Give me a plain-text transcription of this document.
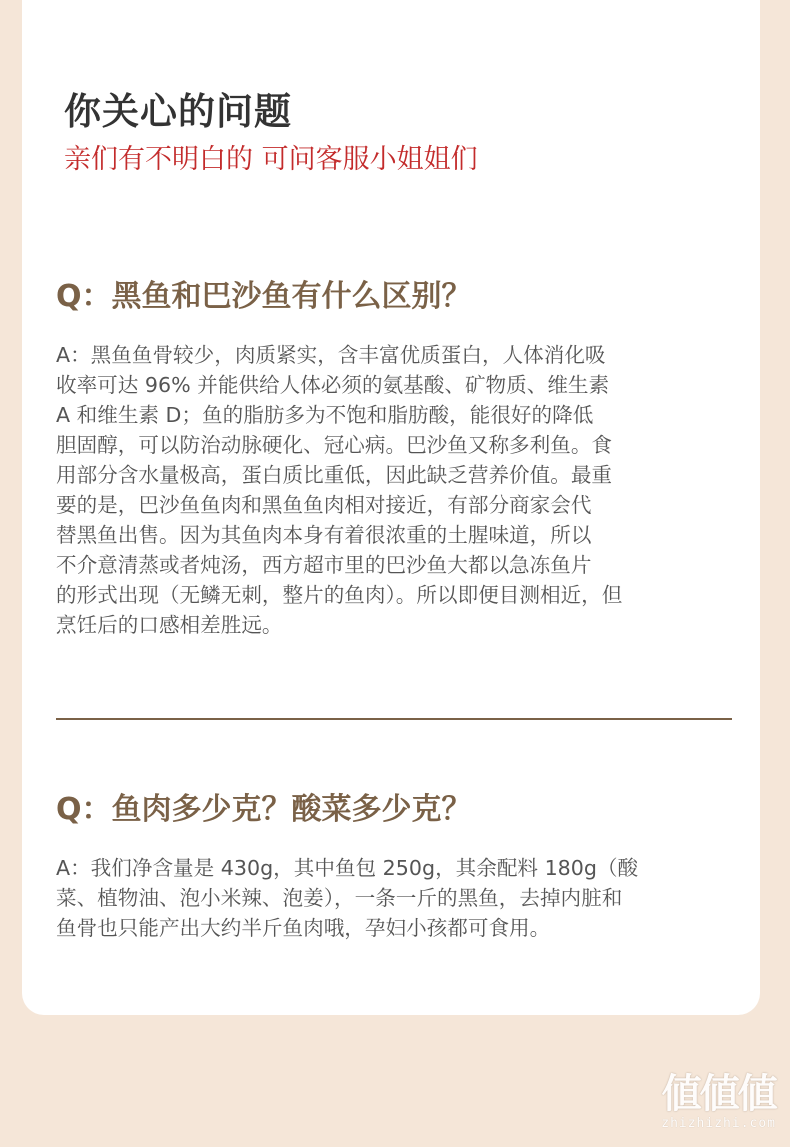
你关心的问题

亲们有不明白的 可问客服小姐姐们

Q：黑鱼和巴沙鱼有什么区别？
A：黑鱼鱼骨较少，肉质紧实，含丰富优质蛋白，人体消化吸
收率可达 96% 并能供给人体必须的氨基酸、矿物质、维生素
A 和维生素 D；鱼的脂肪多为不饱和脂肪酸，能很好的降低
胆固醇，可以防治动脉硬化、冠心病。巴沙鱼又称多利鱼。食
用部分含水量极高，蛋白质比重低，因此缺乏营养价值。最重
要的是，巴沙鱼鱼肉和黑鱼鱼肉相对接近，有部分商家会代
替黑鱼出售。因为其鱼肉本身有着很浓重的土腥味道，所以
不介意清蒸或者炖汤，西方超市里的巴沙鱼大都以急冻鱼片
的形式出现（无鳞无刺，整片的鱼肉）。所以即便目测相近，但
烹饪后的口感相差胜远。
Q：鱼肉多少克？酸菜多少克？
A：我们净含量是 430g，其中鱼包 250g，其余配料 180g（酸
菜、植物油、泡小米辣、泡姜），一条一斤的黑鱼，去掉内脏和
鱼骨也只能产出大约半斤鱼肉哦，孕妇小孩都可食用。
値値値
zhizhizhi.com
